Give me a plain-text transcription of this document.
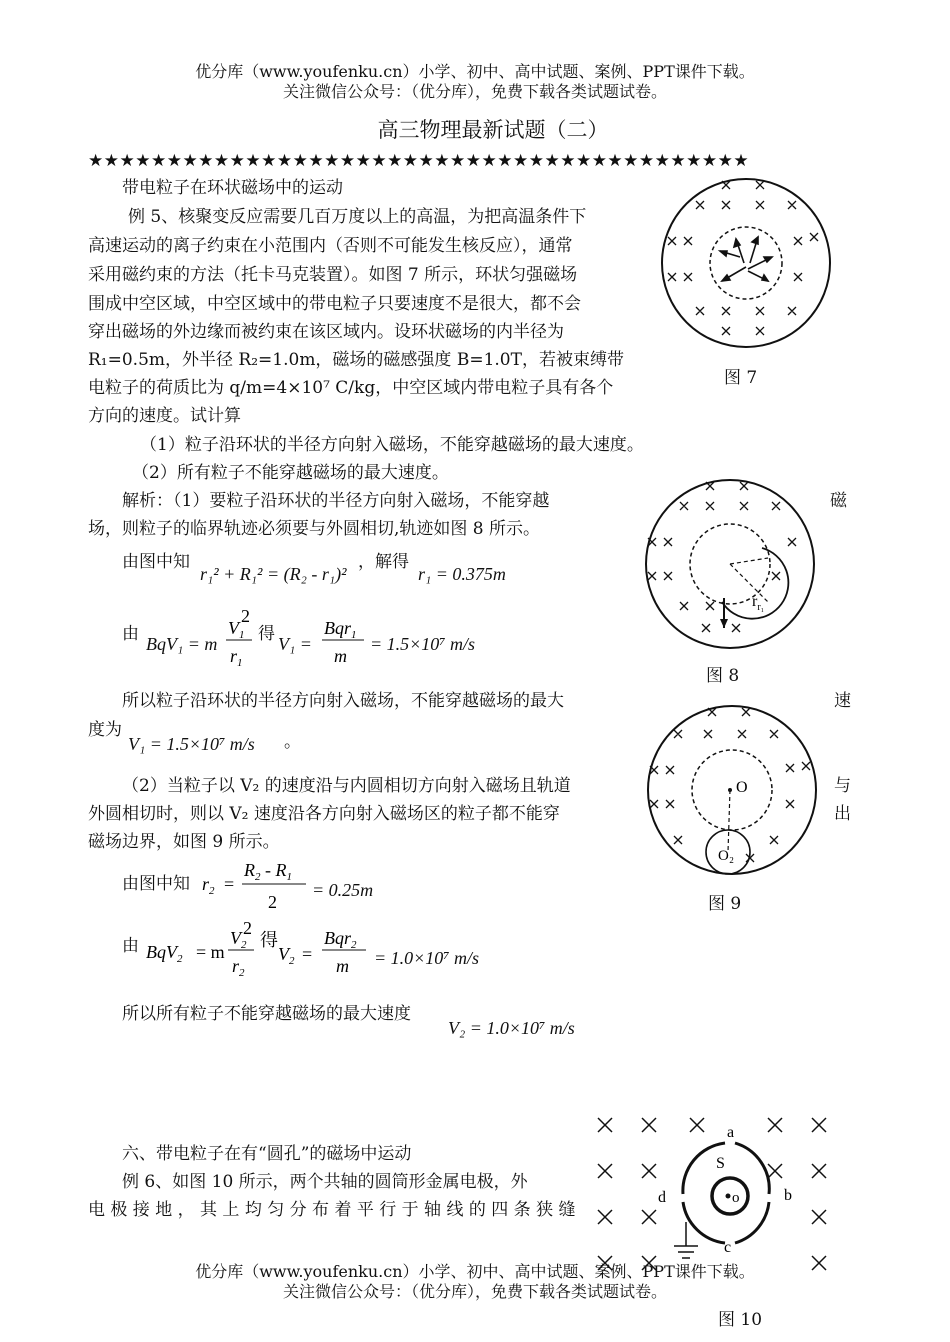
优分库（www.youfenku.cn）小学、初中、高中试题、案例、PPT课件下载。
关注微信公众号：（优分库），免费下载各类试题试卷。
高三物理最新试题（二）
★★★★★★★★★★★★★★★★★★★★★★★★★★★★★★★★★★★★★★★★★★
带电粒子在环状磁场中的运动
例 5、核聚变反应需要几百万度以上的高温，为把高温条件下
高速运动的离子约束在小范围内（否则不可能发生核反应），通常
采用磁约束的方法（托卡马克装置）。如图 7 所示，环状匀强磁场
围成中空区域，中空区域中的带电粒子只要速度不是很大，都不会
穿出磁场的外边缘而被约束在该区域内。设环状磁场的内半径为
R₁=0.5m，外半径 R₂=1.0m，磁场的磁感强度 B=1.0T，若被束缚带
电粒子的荷质比为 q/m=4×10⁷ C/kg，中空区域内带电粒子具有各个
方向的速度。试计算
（1）粒子沿环状的半径方向射入磁场，不能穿越磁场的最大速度。
（2）所有粒子不能穿越磁场的最大速度。
解析：（1）要粒子沿环状的半径方向射入磁场，不能穿越	磁
场，则粒子的临界轨迹必须要与外圆相切,轨迹如图 8 所示。
由图中知
r₁² + R₁² = (R₂ - r₁)²
，解得
r₁ = 0.375m
由 BqV₁ = m
$V_1$
2
$r_1$
得 V₁ =
Bqr$_1$
m
= 1.5×10⁷ m/s
所以粒子沿环状的半径方向射入磁场，不能穿越磁场的最大	速
度为
V₁ = 1.5×10⁷ m/s 。
（2）当粒子以 V₂ 的速度沿与内圆相切方向射入磁场且轨道	与
外圆相切时，则以 V₂ 速度沿各方向射入磁场区的粒子都不能穿	出
磁场边界，如图 9 所示。
由图中知 $r_2$ =
$R_2 - R_1$
2
= 0.25m
由 BqV$_2$ = m
$V_2$
2
$r_2$
得
$V_2$ =
Bqr$_2$
m = 1.0×10⁷ m/s
所以所有粒子不能穿越磁场的最大速度
V₂ = 1.0×10⁷ m/s
六、带电粒子在有“圆孔”的磁场中运动
例 6、如图 10 所示，两个共轴的圆筒形金属电极，外
电 极 接 地 ， 其 上 均 匀 分 布 着 平 行 于 轴 线 的 四 条 狭 缝
图 7
$r_{r_1}$
图 8
O
O₂
图 9
a
b
c
d
S
o
图 10
优分库（www.youfenku.cn）小学、初中、高中试题、案例、PPT课件下载。
关注微信公众号：（优分库），免费下载各类试题试卷。
